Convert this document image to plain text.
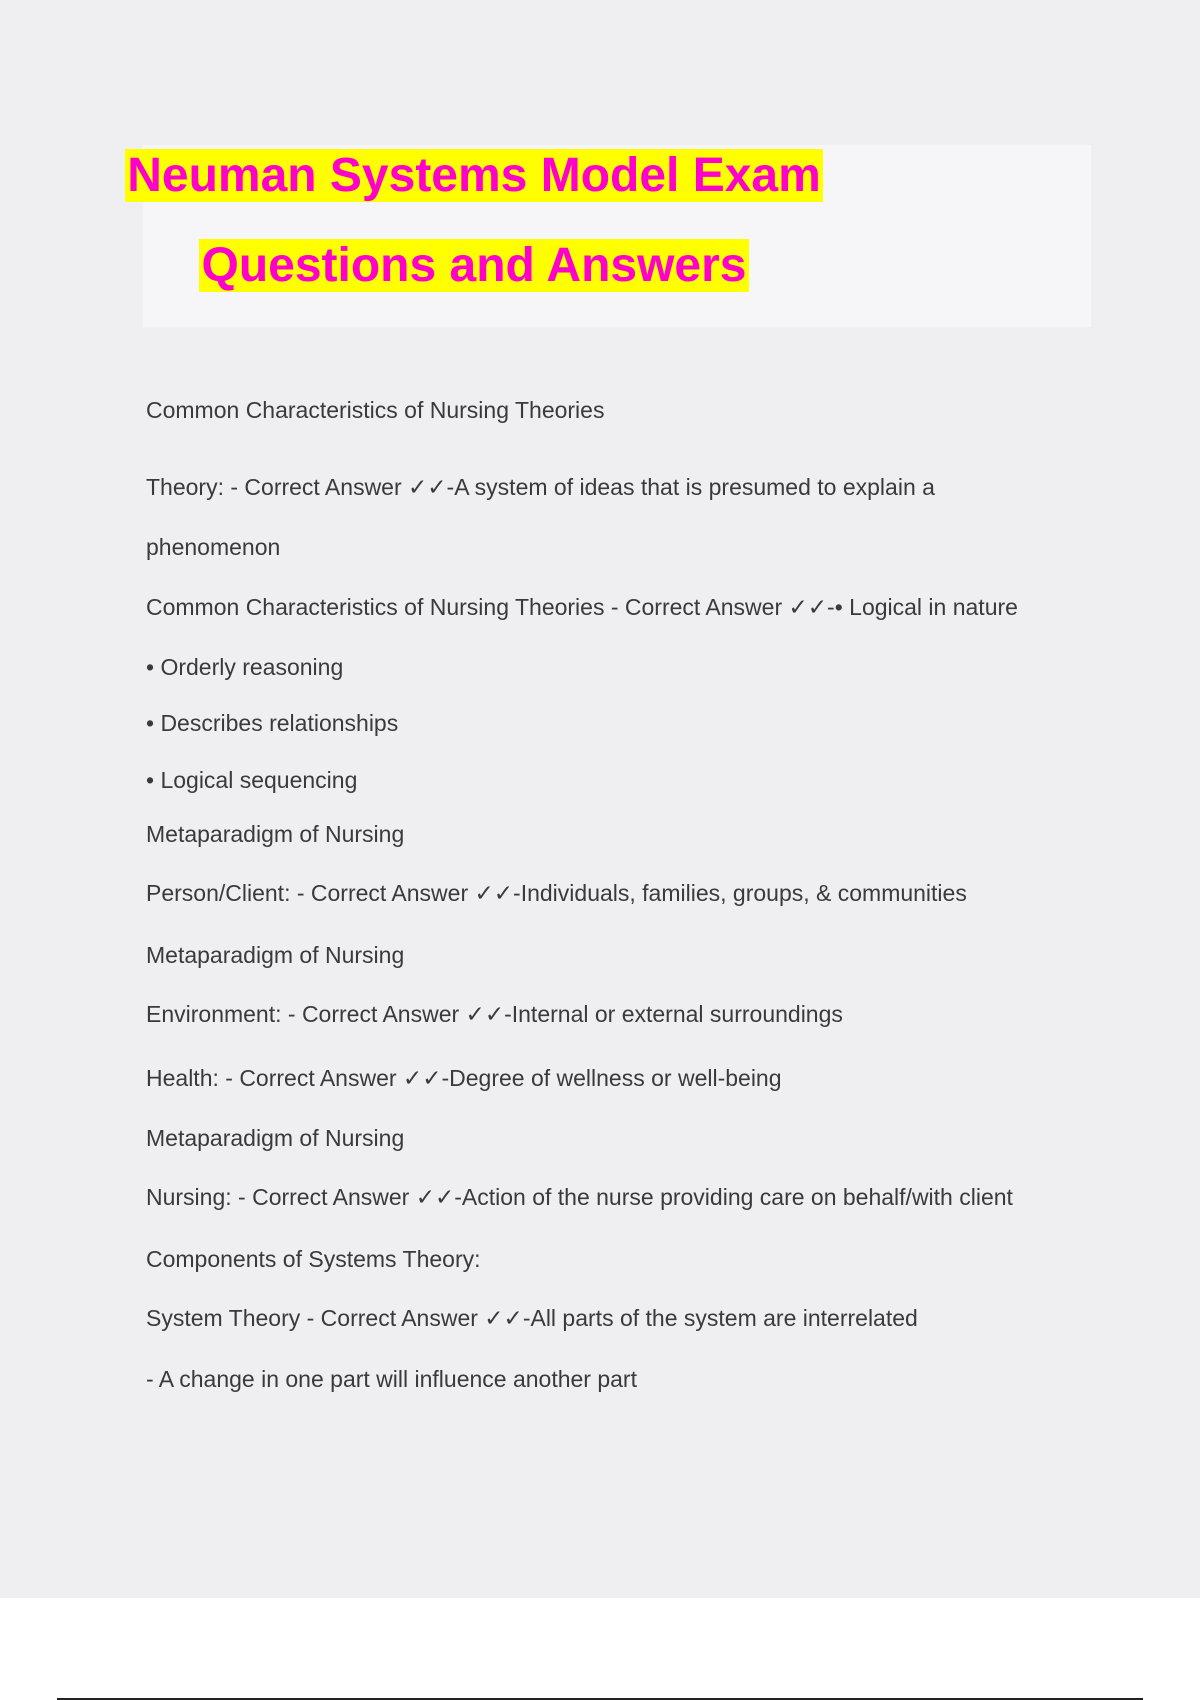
Neuman Systems Model Exam
Questions and Answers
Common Characteristics of Nursing Theories
Theory: - Correct Answer ✓✓-A system of ideas that is presumed to explain a
phenomenon
Common Characteristics of Nursing Theories - Correct Answer ✓✓-• Logical in nature
• Orderly reasoning
• Describes relationships
• Logical sequencing
Metaparadigm of Nursing
Person/Client: - Correct Answer ✓✓-Individuals, families, groups, & communities
Metaparadigm of Nursing
Environment: - Correct Answer ✓✓-Internal or external surroundings
Health: - Correct Answer ✓✓-Degree of wellness or well-being
Metaparadigm of Nursing
Nursing: - Correct Answer ✓✓-Action of the nurse providing care on behalf/with client
Components of Systems Theory:
System Theory - Correct Answer ✓✓-All parts of the system are interrelated
- A change in one part will influence another part
